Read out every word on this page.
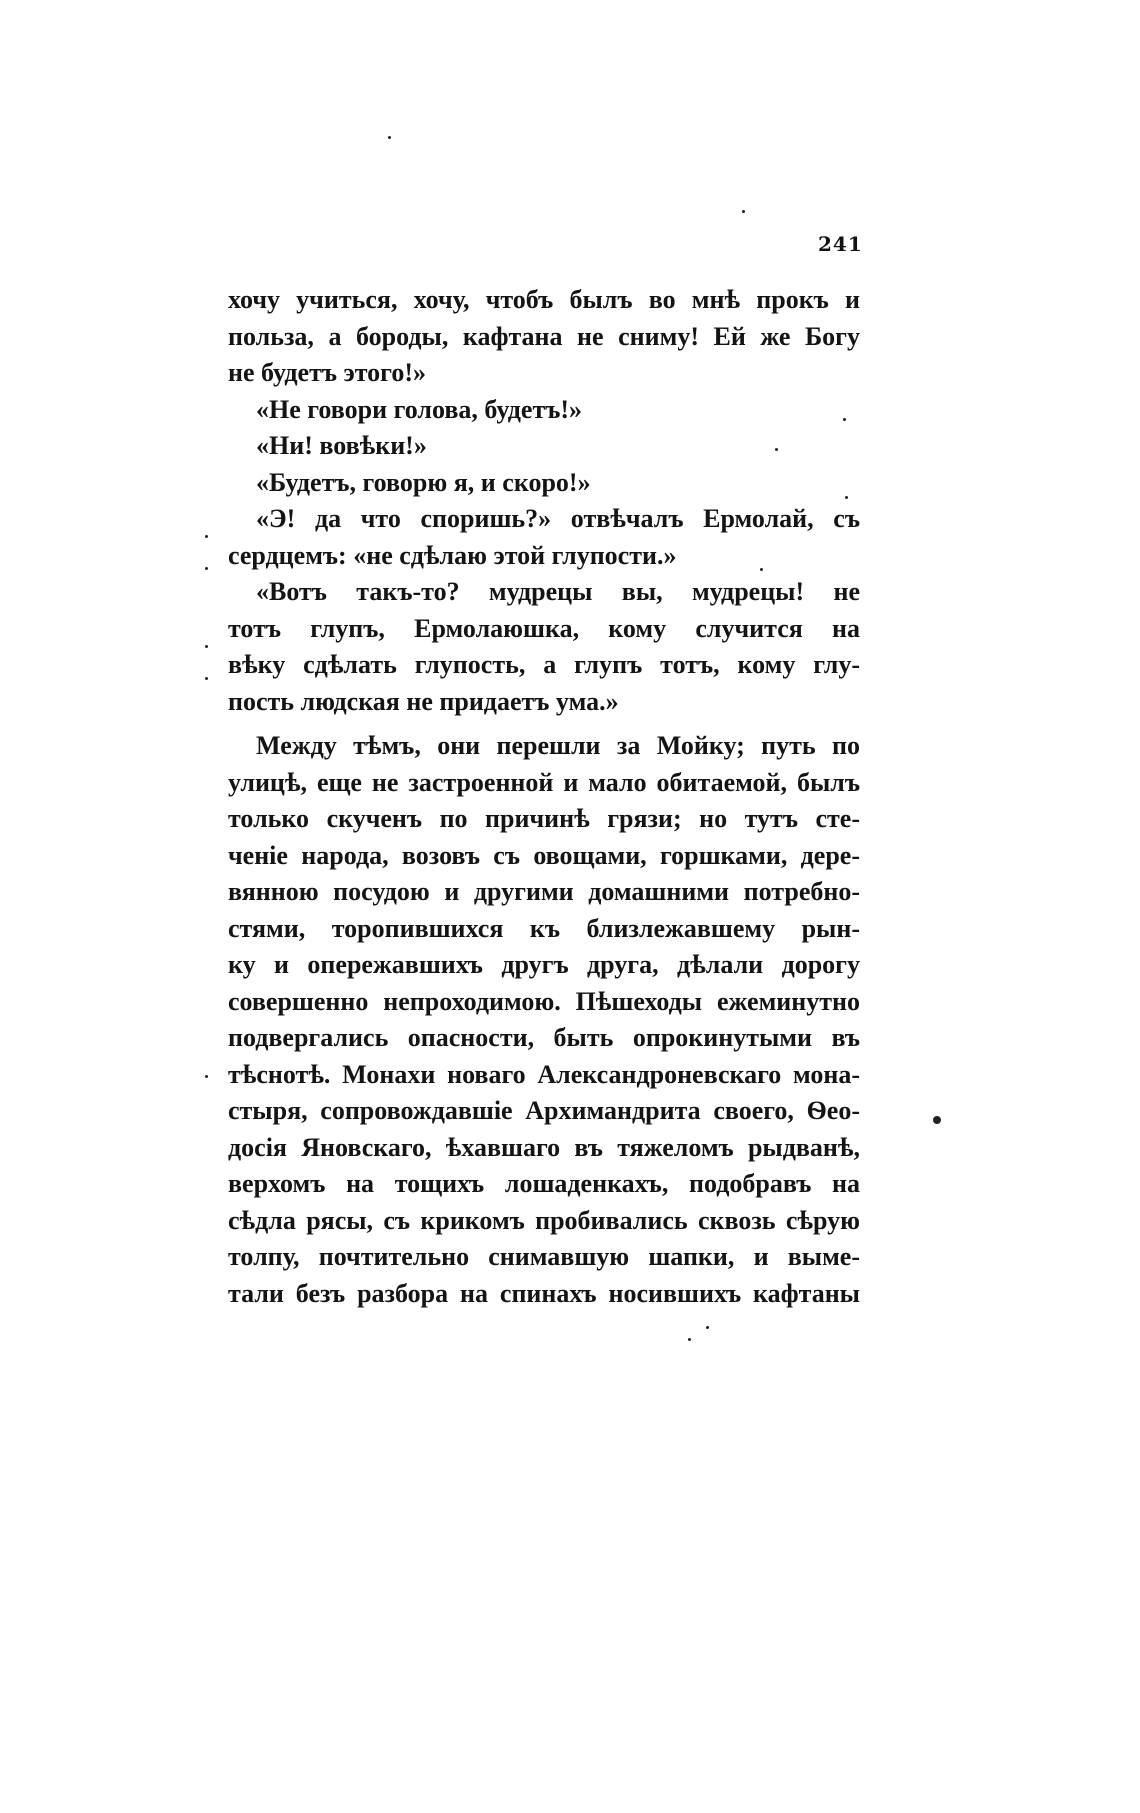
241
хочу учиться, хочу, чтобъ былъ во мнѣ прокъ и
польза, а бороды, кафтана не сниму! Ей же Богу
не будетъ этого!»
«Не говори голова, будетъ!»
«Ни! вовѣки!»
«Будетъ, говорю я, и скоро!»
«Э! да что споришь?» отвѣчалъ Ермолай, съ
сердцемъ: «не сдѣлаю этой глупости.»
«Вотъ такъ-то? мудрецы вы, мудрецы! не
тотъ глупъ, Ермолаюшка, кому случится на
вѣку сдѣлать глупость, а глупъ тотъ, кому глу-
пость людская не придаетъ ума.»
Между тѣмъ, они перешли за Мойку; путь по
улицѣ, еще не застроенной и мало обитаемой, былъ
только скученъ по причинѣ грязи; но тутъ сте-
ченіе народа, возовъ съ овощами, горшками, дере-
вянною посудою и другими домашними потребно-
стями, торопившихся къ близлежавшему рын-
ку и опережавшихъ другъ друга, дѣлали дорогу
совершенно непроходимою. Пѣшеходы ежеминутно
подвергались опасности, быть опрокинутыми въ
тѣснотѣ. Монахи новаго Александроневскаго мона-
стыря, сопровождавшіе Архимандрита своего, Ѳео-
досія Яновскаго, ѣхавшаго въ тяжеломъ рыдванѣ,
верхомъ на тощихъ лошаденкахъ, подобравъ на
сѣдла рясы, съ крикомъ пробивались сквозь сѣрую
толпу, почтительно снимавшую шапки, и выме-
тали безъ разбора на спинахъ носившихъ кафтаны
